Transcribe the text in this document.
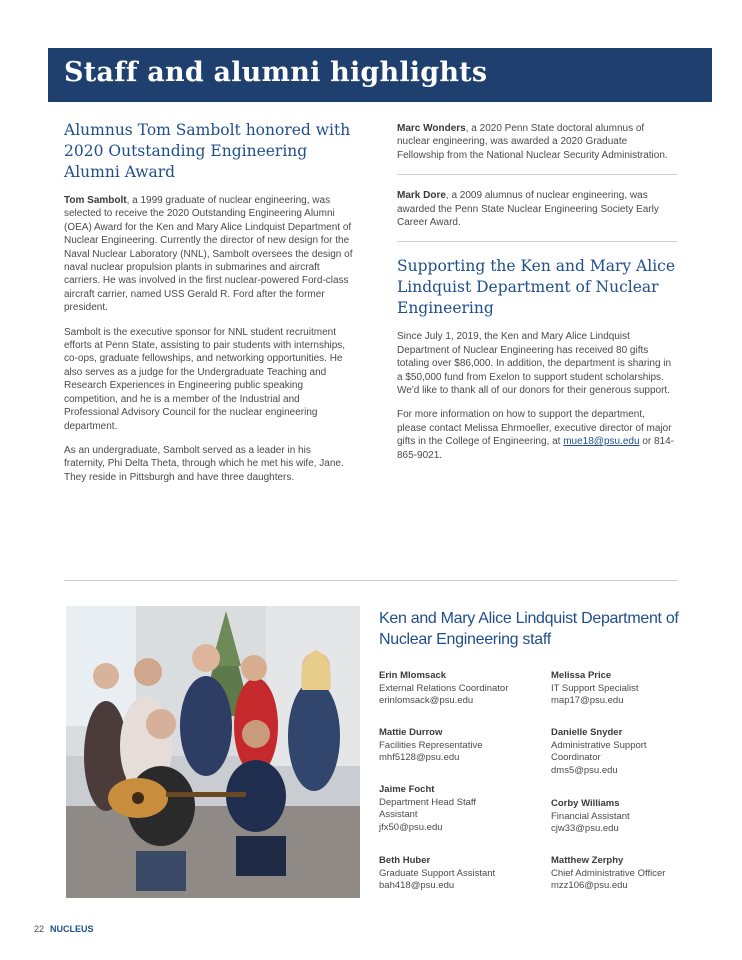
Staff and alumni highlights
Alumnus Tom Sambolt honored with 2020 Outstanding Engineering Alumni Award

Tom Sambolt, a 1999 graduate of nuclear engineering, was selected to receive the 2020 Outstanding Engineering Alumni (OEA) Award for the Ken and Mary Alice Lindquist Department of Nuclear Engineering. Currently the director of new design for the Naval Nuclear Laboratory (NNL), Sambolt oversees the design of naval nuclear propulsion plants in submarines and aircraft carriers. He was involved in the first nuclear-powered Ford-class aircraft carrier, named USS Gerald R. Ford after the former president.

Sambolt is the executive sponsor for NNL student recruitment efforts at Penn State, assisting to pair students with internships, co-ops, graduate fellowships, and networking opportunities. He also serves as a judge for the Undergraduate Teaching and Research Experiences in Engineering public speaking competition, and he is a member of the Industrial and Professional Advisory Council for the nuclear engineering department.

As an undergraduate, Sambolt served as a leader in his fraternity, Phi Delta Theta, through which he met his wife, Jane. They reside in Pittsburgh and have three daughters.

Marc Wonders, a 2020 Penn State doctoral alumnus of nuclear engineering, was awarded a 2020 Graduate Fellowship from the National Nuclear Security Administration.

Mark Dore, a 2009 alumnus of nuclear engineering, was awarded the Penn State Nuclear Engineering Society Early Career Award.

Supporting the Ken and Mary Alice Lindquist Department of Nuclear Engineering

Since July 1, 2019, the Ken and Mary Alice Lindquist Department of Nuclear Engineering has received 80 gifts totaling over $86,000. In addition, the department is sharing in a $50,000 fund from Exelon to support student scholarships. We'd like to thank all of our donors for their generous support.

For more information on how to support the department, please contact Melissa Ehrmoeller, executive director of major gifts in the College of Engineering, at mue18@psu.edu or 814-865-9021.

Ken and Mary Alice Lindquist Department of Nuclear Engineering staff
Erin Mlomsack
External Relations Coordinator
erinlomsack@psu.edu
Melissa Price
IT Support Specialist
map17@psu.edu
Mattie Durrow
Facilities Representative
mhf5128@psu.edu
Danielle Snyder
Administrative Support Coordinator
dms5@psu.edu
Jaime Focht
Department Head Staff Assistant
jfx50@psu.edu
Corby Williams
Financial Assistant
cjw33@psu.edu
Beth Huber
Graduate Support Assistant
bah418@psu.edu
Matthew Zerphy
Chief Administrative Officer
mzz106@psu.edu
22 NUCLEUS
